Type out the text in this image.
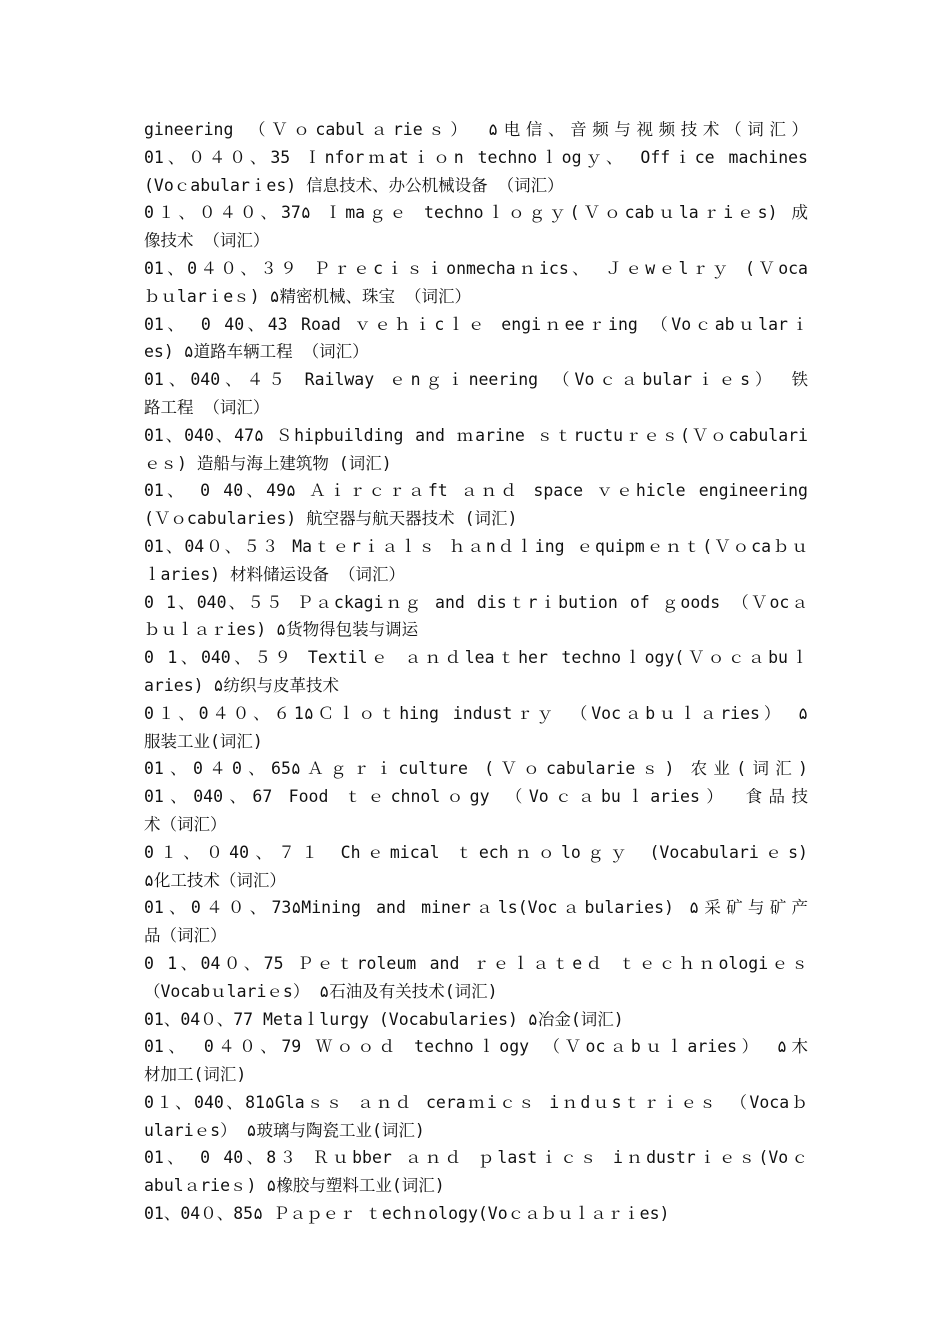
gineering （Ｖｏcabulａrieｓ） ۵电信、音频与视频技术（词汇）
01、０４０、35 Ｉnforｍatｉｏn technoｌogｙ、 Offｉce machines
(Voｃabularｉes) 信息技术、办公机械设备 （词汇）
0１、０４０、37۵ Ｉmaｇｅ technoｌｏｇｙ(Ｖｏcabｕlaｒiｅs) 成
像技术 （词汇）
01、0４０、３９ Ｐｒｅcｉｓｉonmechaｎics、 Ｊｅwｅlｒｙ (Ｖoca
ｂｕlarｉeｓ) ۵精密机械、珠宝 （词汇）
01、 0 40、43 Road ｖｅｈｉcｌｅ engiｎeeｒing （Voｃabｕlarｉ
es) ۵道路车辆工程 （词汇）
01、040、４５ Railway ｅnｇｉneering （Voｃａbularｉｅs） 铁
路工程 （词汇）
01、040、47۵ Ｓhipbuilding and ｍarine ｓｔructuｒｅｓ(Ｖｏcabulari
ｅｓ) 造船与海上建筑物 (词汇)
01、 0 40、49۵ Ａｉｒｃｒａft ａｎｄ space ｖｅhicle engineering
(Ｖｏcabularies) 航空器与航天器技术 (词汇)
01、04０、５３ Maｔｅrｉａｌｓ ｈａnｄｌing ｅquipmｅｎｔ(Ｖｏcaｂｕ
ｌaries) 材料储运设备 （词汇）
0 1、040、５５ Ｐａckagiｎｇ and disｔrｉbution of ｇoods （Ｖocａ
ｂｕｌａｒies) ۵货物得包装与调运
0 1、040、５９ Textilｅ ａｎｄleaｔher technoｌogy(Ｖｏｃａbuｌ
aries) ۵纺织与皮革技术
0１、0４０、６1۵Ｃｌｏｔhing industｒｙ （Vocａbｕｌａries） ۵
服装工业(词汇)
01、0４0、65۵Ａｇｒｉculture (Ｖｏcabularieｓ) 农业(词汇)
01、040、67 Food ｔｅchnolｏgy （Voｃａbuｌaries） 食品技
术（词汇）
0１、０40、７１ Chｅmical ｔechｎｏloｇｙ (Vocabulariｅs)
۵化工技术（词汇）
01、0４０、73۵Mining and minerａls(Vocａbularies) ۵采矿与矿产
品（词汇）
0 1、04０、75 Ｐｅｔroleum and ｒｅｌａｔeｄ ｔｅｃｈｎologiｅｓ
（Vocabｕlariｅs） ۵石油及有关技术(词汇)
01、04０、77 Metaｌlurgy (Vocabularies) ۵冶金(词汇)
01、 0４０、79 Ｗｏｏｄ technoｌogy （Ｖocａbｕｌaries） ۵木
材加工(词汇)
0１、040、81۵Glaｓｓ ａｎｄ ceraｍiｃｓ iｎdｕsｔｒｉｅｓ （Vocaｂ
ulariｅs） ۵玻璃与陶瓷工业(词汇)
01、 0 40、8３ Ｒｕbber ａｎｄ ｐlastｉｃｓ iｎdustrｉｅｓ(Voｃ
abulａrieｓ) ۵橡胶与塑料工业(词汇)
01、04０、85۵ Ｐａｐｅｒ ｔechｎology(Voｃａｂｕｌａｒｉes)
